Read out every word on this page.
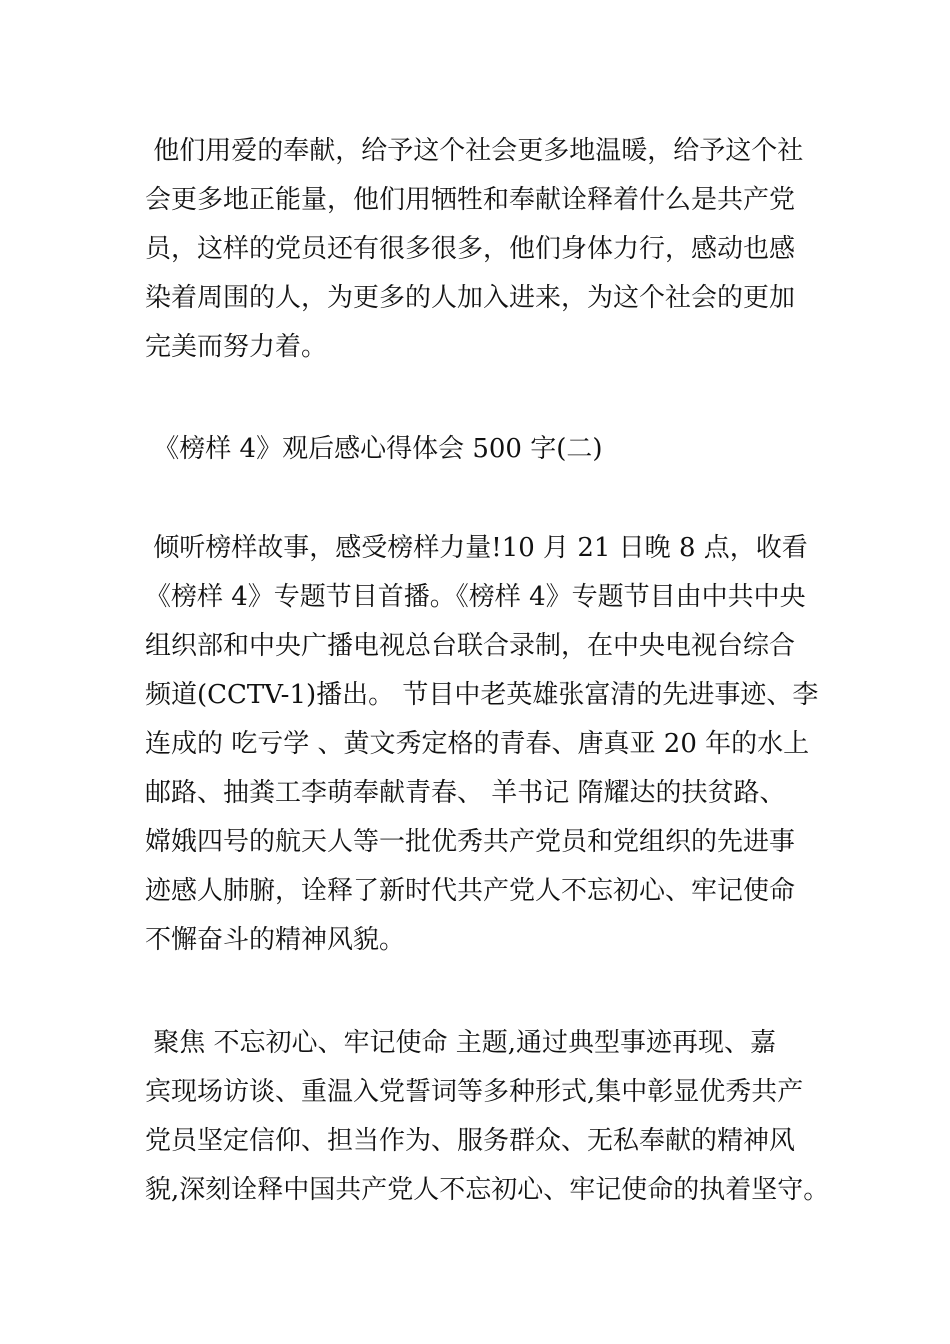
他们用爱的奉献，给予这个社会更多地温暖，给予这个社
会更多地正能量，他们用牺牲和奉献诠释着什么是共产党
员，这样的党员还有很多很多，他们身体力行，感动也感
染着周围的人，为更多的人加入进来，为这个社会的更加
完美而努力着。

《榜样 4》观后感心得体会 500 字(二)

倾听榜样故事，感受榜样力量!10 月 21 日晚 8 点，收看
《榜样 4》专题节目首播。《榜样 4》专题节目由中共中央
组织部和中央广播电视总台联合录制，在中央电视台综合
频道(CCTV-1)播出。 节目中老英雄张富清的先进事迹、李
连成的 吃亏学 、黄文秀定格的青春、唐真亚 20 年的水上
邮路、抽粪工李萌奉献青春、 羊书记 隋耀达的扶贫路、
嫦娥四号的航天人等一批优秀共产党员和党组织的先进事
迹感人肺腑，诠释了新时代共产党人不忘初心、牢记使命
不懈奋斗的精神风貌。

聚焦 不忘初心、牢记使命 主题,通过典型事迹再现、嘉
宾现场访谈、重温入党誓词等多种形式,集中彰显优秀共产
党员坚定信仰、担当作为、服务群众、无私奉献的精神风
貌,深刻诠释中国共产党人不忘初心、牢记使命的执着坚守。
